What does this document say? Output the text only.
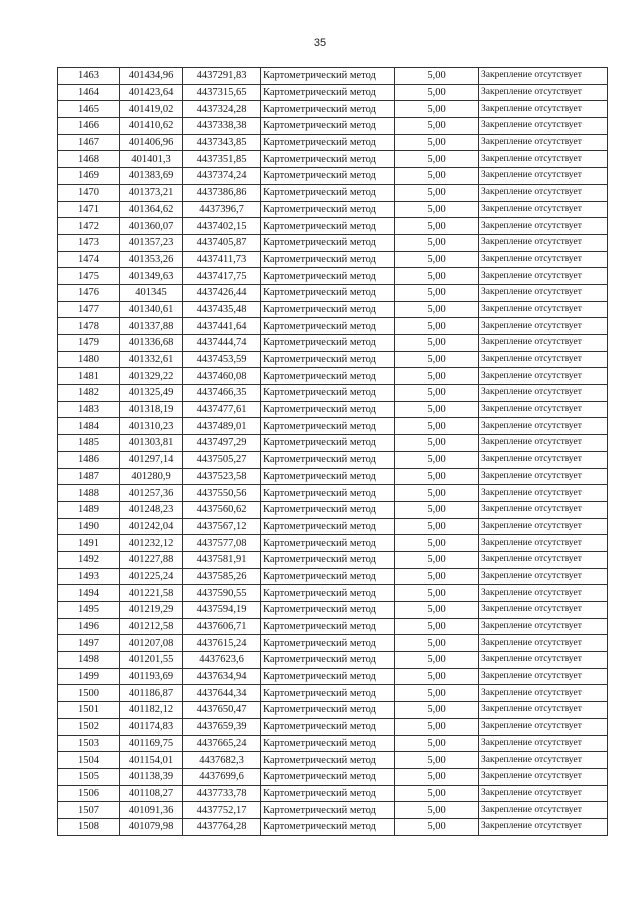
35
1463	401434,96	4437291,83	Картометрический метод	5,00	Закрепление отсутствует
1464	401423,64	4437315,65	Картометрический метод	5,00	Закрепление отсутствует
1465	401419,02	4437324,28	Картометрический метод	5,00	Закрепление отсутствует
1466	401410,62	4437338,38	Картометрический метод	5,00	Закрепление отсутствует
1467	401406,96	4437343,85	Картометрический метод	5,00	Закрепление отсутствует
1468	401401,3	4437351,85	Картометрический метод	5,00	Закрепление отсутствует
1469	401383,69	4437374,24	Картометрический метод	5,00	Закрепление отсутствует
1470	401373,21	4437386,86	Картометрический метод	5,00	Закрепление отсутствует
1471	401364,62	4437396,7	Картометрический метод	5,00	Закрепление отсутствует
1472	401360,07	4437402,15	Картометрический метод	5,00	Закрепление отсутствует
1473	401357,23	4437405,87	Картометрический метод	5,00	Закрепление отсутствует
1474	401353,26	4437411,73	Картометрический метод	5,00	Закрепление отсутствует
1475	401349,63	4437417,75	Картометрический метод	5,00	Закрепление отсутствует
1476	401345	4437426,44	Картометрический метод	5,00	Закрепление отсутствует
1477	401340,61	4437435,48	Картометрический метод	5,00	Закрепление отсутствует
1478	401337,88	4437441,64	Картометрический метод	5,00	Закрепление отсутствует
1479	401336,68	4437444,74	Картометрический метод	5,00	Закрепление отсутствует
1480	401332,61	4437453,59	Картометрический метод	5,00	Закрепление отсутствует
1481	401329,22	4437460,08	Картометрический метод	5,00	Закрепление отсутствует
1482	401325,49	4437466,35	Картометрический метод	5,00	Закрепление отсутствует
1483	401318,19	4437477,61	Картометрический метод	5,00	Закрепление отсутствует
1484	401310,23	4437489,01	Картометрический метод	5,00	Закрепление отсутствует
1485	401303,81	4437497,29	Картометрический метод	5,00	Закрепление отсутствует
1486	401297,14	4437505,27	Картометрический метод	5,00	Закрепление отсутствует
1487	401280,9	4437523,58	Картометрический метод	5,00	Закрепление отсутствует
1488	401257,36	4437550,56	Картометрический метод	5,00	Закрепление отсутствует
1489	401248,23	4437560,62	Картометрический метод	5,00	Закрепление отсутствует
1490	401242,04	4437567,12	Картометрический метод	5,00	Закрепление отсутствует
1491	401232,12	4437577,08	Картометрический метод	5,00	Закрепление отсутствует
1492	401227,88	4437581,91	Картометрический метод	5,00	Закрепление отсутствует
1493	401225,24	4437585,26	Картометрический метод	5,00	Закрепление отсутствует
1494	401221,58	4437590,55	Картометрический метод	5,00	Закрепление отсутствует
1495	401219,29	4437594,19	Картометрический метод	5,00	Закрепление отсутствует
1496	401212,58	4437606,71	Картометрический метод	5,00	Закрепление отсутствует
1497	401207,08	4437615,24	Картометрический метод	5,00	Закрепление отсутствует
1498	401201,55	4437623,6	Картометрический метод	5,00	Закрепление отсутствует
1499	401193,69	4437634,94	Картометрический метод	5,00	Закрепление отсутствует
1500	401186,87	4437644,34	Картометрический метод	5,00	Закрепление отсутствует
1501	401182,12	4437650,47	Картометрический метод	5,00	Закрепление отсутствует
1502	401174,83	4437659,39	Картометрический метод	5,00	Закрепление отсутствует
1503	401169,75	4437665,24	Картометрический метод	5,00	Закрепление отсутствует
1504	401154,01	4437682,3	Картометрический метод	5,00	Закрепление отсутствует
1505	401138,39	4437699,6	Картометрический метод	5,00	Закрепление отсутствует
1506	401108,27	4437733,78	Картометрический метод	5,00	Закрепление отсутствует
1507	401091,36	4437752,17	Картометрический метод	5,00	Закрепление отсутствует
1508	401079,98	4437764,28	Картометрический метод	5,00	Закрепление отсутствует
